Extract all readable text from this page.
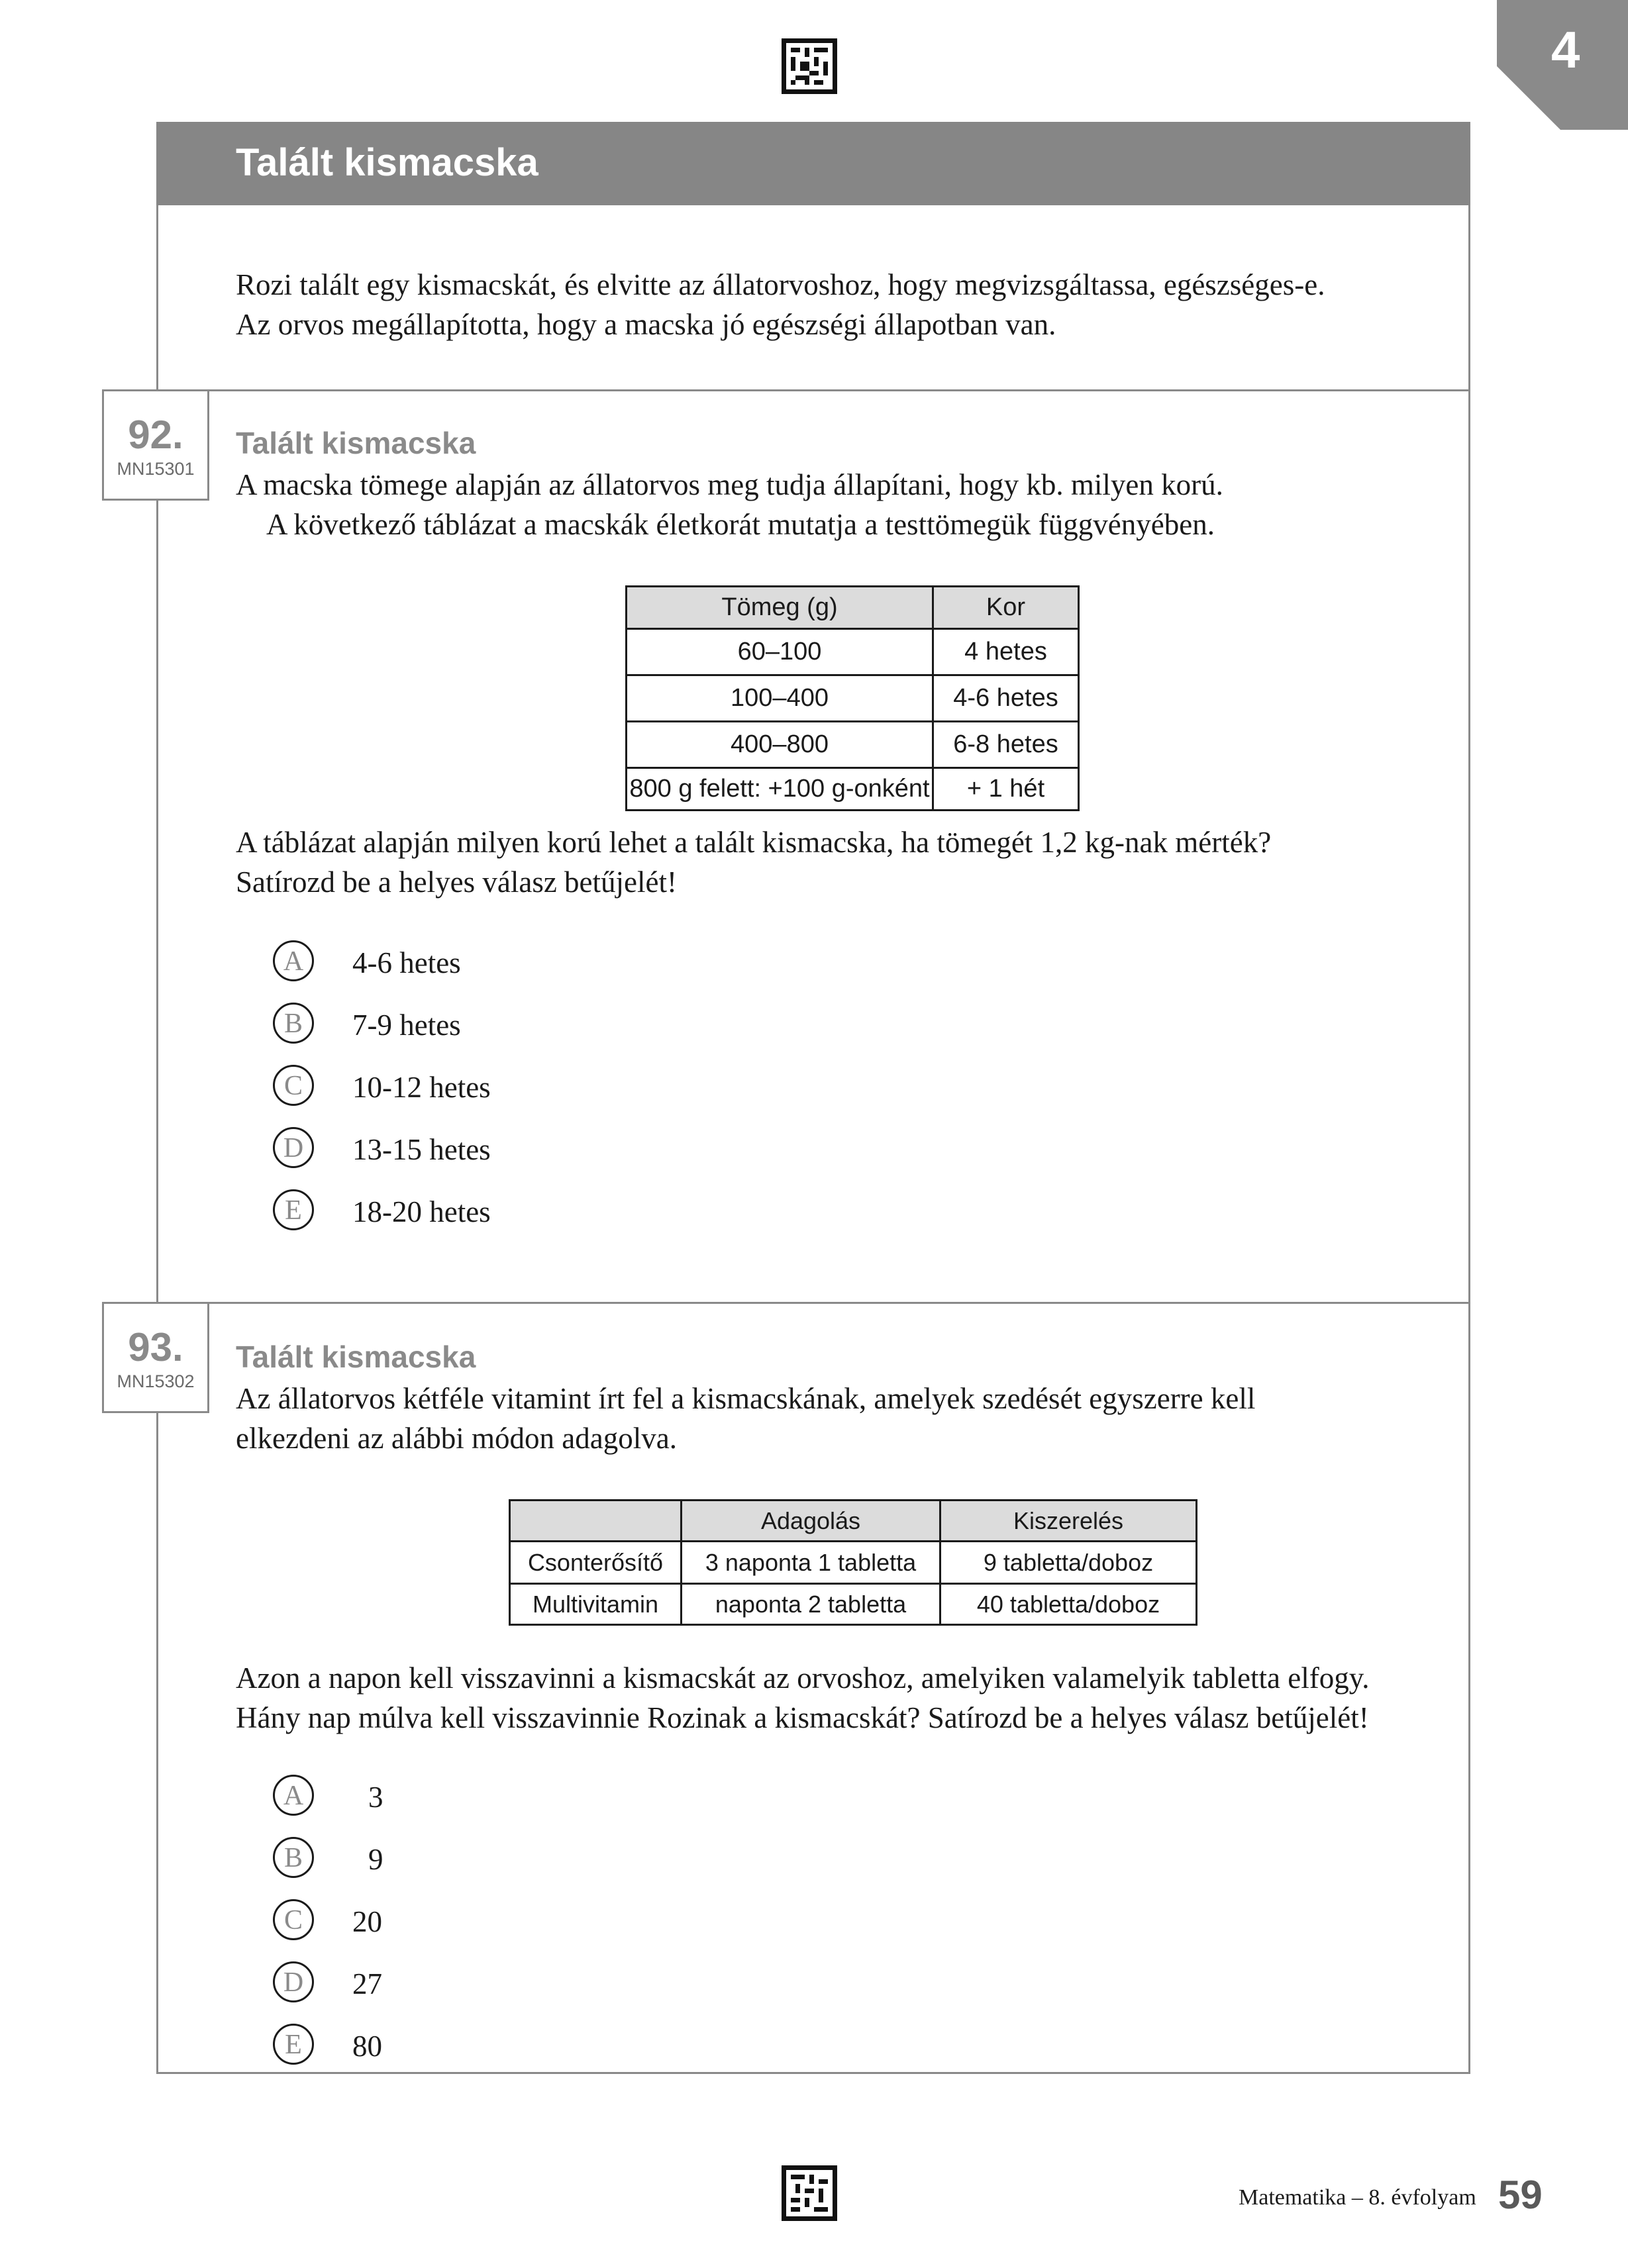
4
Talált kismacska
Rozi talált egy kismacskát, és elvitte az állatorvoshoz, hogy megvizsgáltassa, egészséges-e.
Az orvos megállapította, hogy a macska jó egészségi állapotban van.
92.
MN15301
Talált kismacska
A macska tömege alapján az állatorvos meg tudja állapítani, hogy kb. milyen korú.
A következő táblázat a macskák életkorát mutatja a testtömegük függvényében.
Tömeg (g)	Kor
60–100	4 hetes
100–400	4-6 hetes
400–800	6-8 hetes
800 g felett: +100 g-onként	+ 1 hét
A táblázat alapján milyen korú lehet a talált kismacska, ha tömegét 1,2 kg-nak mérték?
Satírozd be a helyes válasz betűjelét!
A	4-6 hetes
B	7-9 hetes
C	10-12 hetes
D	13-15 hetes
E	18-20 hetes
93.
MN15302
Talált kismacska
Az állatorvos kétféle vitamint írt fel a kismacskának, amelyek szedését egyszerre kell
elkezdeni az alábbi módon adagolva.
	Adagolás	Kiszerelés
Csonterősítő	3 naponta 1 tabletta	9 tabletta/doboz
Multivitamin	naponta 2 tabletta	40 tabletta/doboz
Azon a napon kell visszavinni a kismacskát az orvoshoz, amelyiken valamelyik tabletta elfogy.
Hány nap múlva kell visszavinnie Rozinak a kismacskát? Satírozd be a helyes válasz betűjelét!
A	3
B	9
C	20
D	27
E	80
Matematika – 8. évfolyam 59
